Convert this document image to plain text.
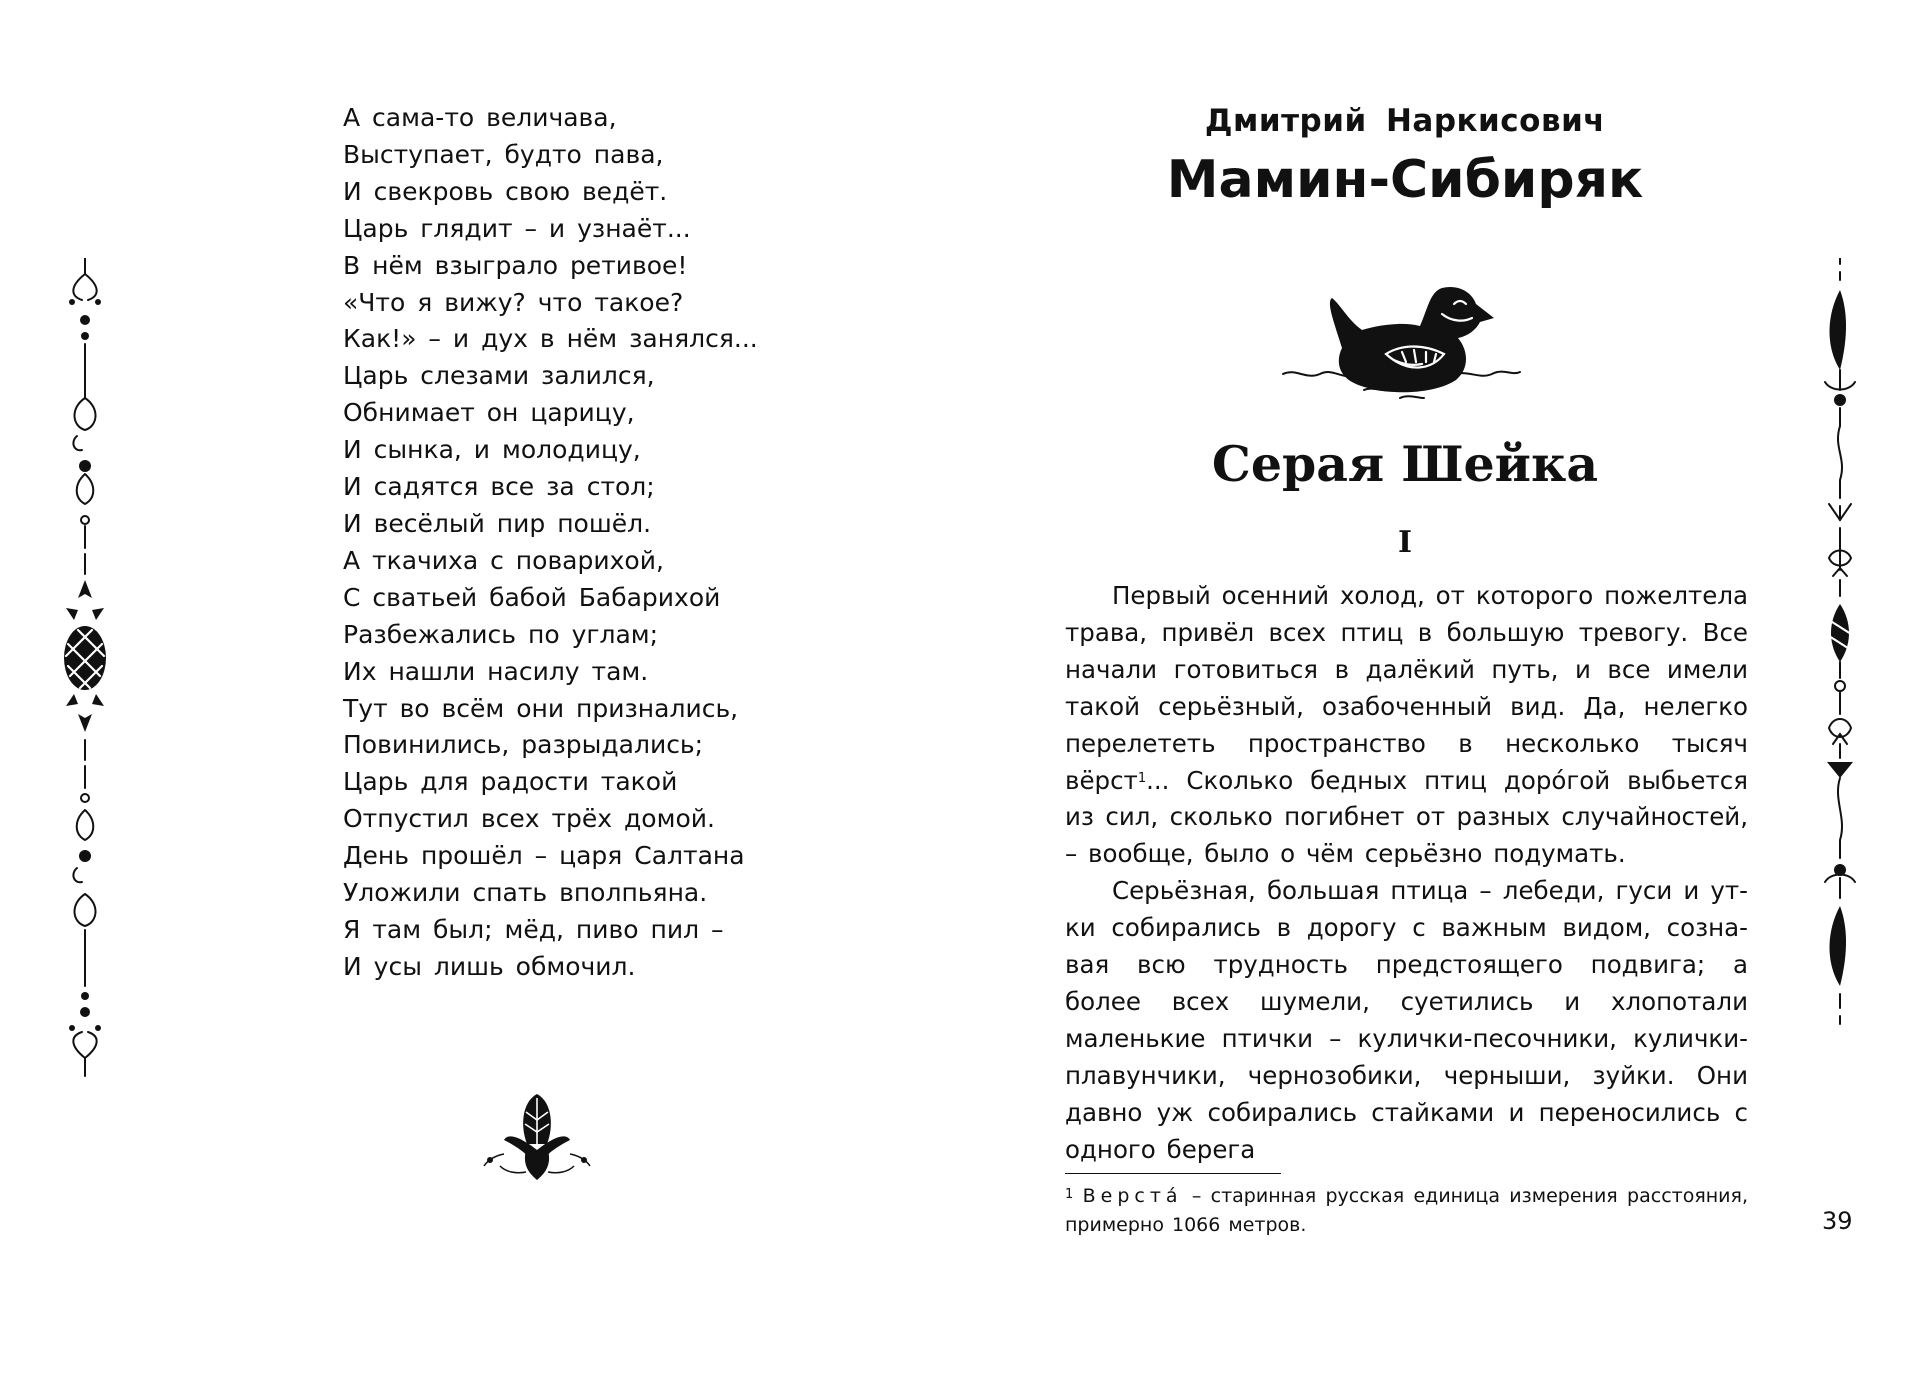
А сама-то величава,
Выступает, будто пава,
И свекровь свою ведёт.
Царь глядит – и узнаёт...
В нём взыграло ретивое!
«Что я вижу? что такое?
Как!» – и дух в нём занялся...
Царь слезами залился,
Обнимает он царицу,
И сынка, и молодицу,
И садятся все за стол;
И весёлый пир пошёл.
А ткачиха с поварихой,
С сватьей бабой Бабарихой
Разбежались по углам;
Их нашли насилу там.
Тут во всём они признались,
Повинились, разрыдались;
Царь для радости такой
Отпустил всех трёх домой.
День прошёл – царя Салтана
Уложили спать вполпьяна.
Я там был; мёд, пиво пил –
И усы лишь обмочил.
Дмитрий Наркисович
Мамин-Сибиряк
Серая Шейка
I

Первый осенний холод, от которого пожелтела трава, привёл всех птиц в большую тревогу. Все начали готовиться в далёкий путь, и все имели такой серьёзный, озабоченный вид. Да, нелегко перелететь пространство в несколько тысяч вёрст$^1$... Сколько бедных птиц доро́гой выбьется из сил, сколько погибнет от разных случайностей, – вообще, было о чём серьёзно подумать.

Серьёзная, большая птица – лебеди, гуси и утки собирались в дорогу с важным видом, сознавая всю трудность предстоящего подвига; а более всех шумели, суетились и хлопотали маленькие птички – кулички-песочники, кулички-плавунчики, чернозобики, черныши, зуйки. Они давно уж собирались стайками и переносились с одного берега

$^1$ Верста́ – старинная русская единица измерения расстояния, примерно 1066 метров.	39
